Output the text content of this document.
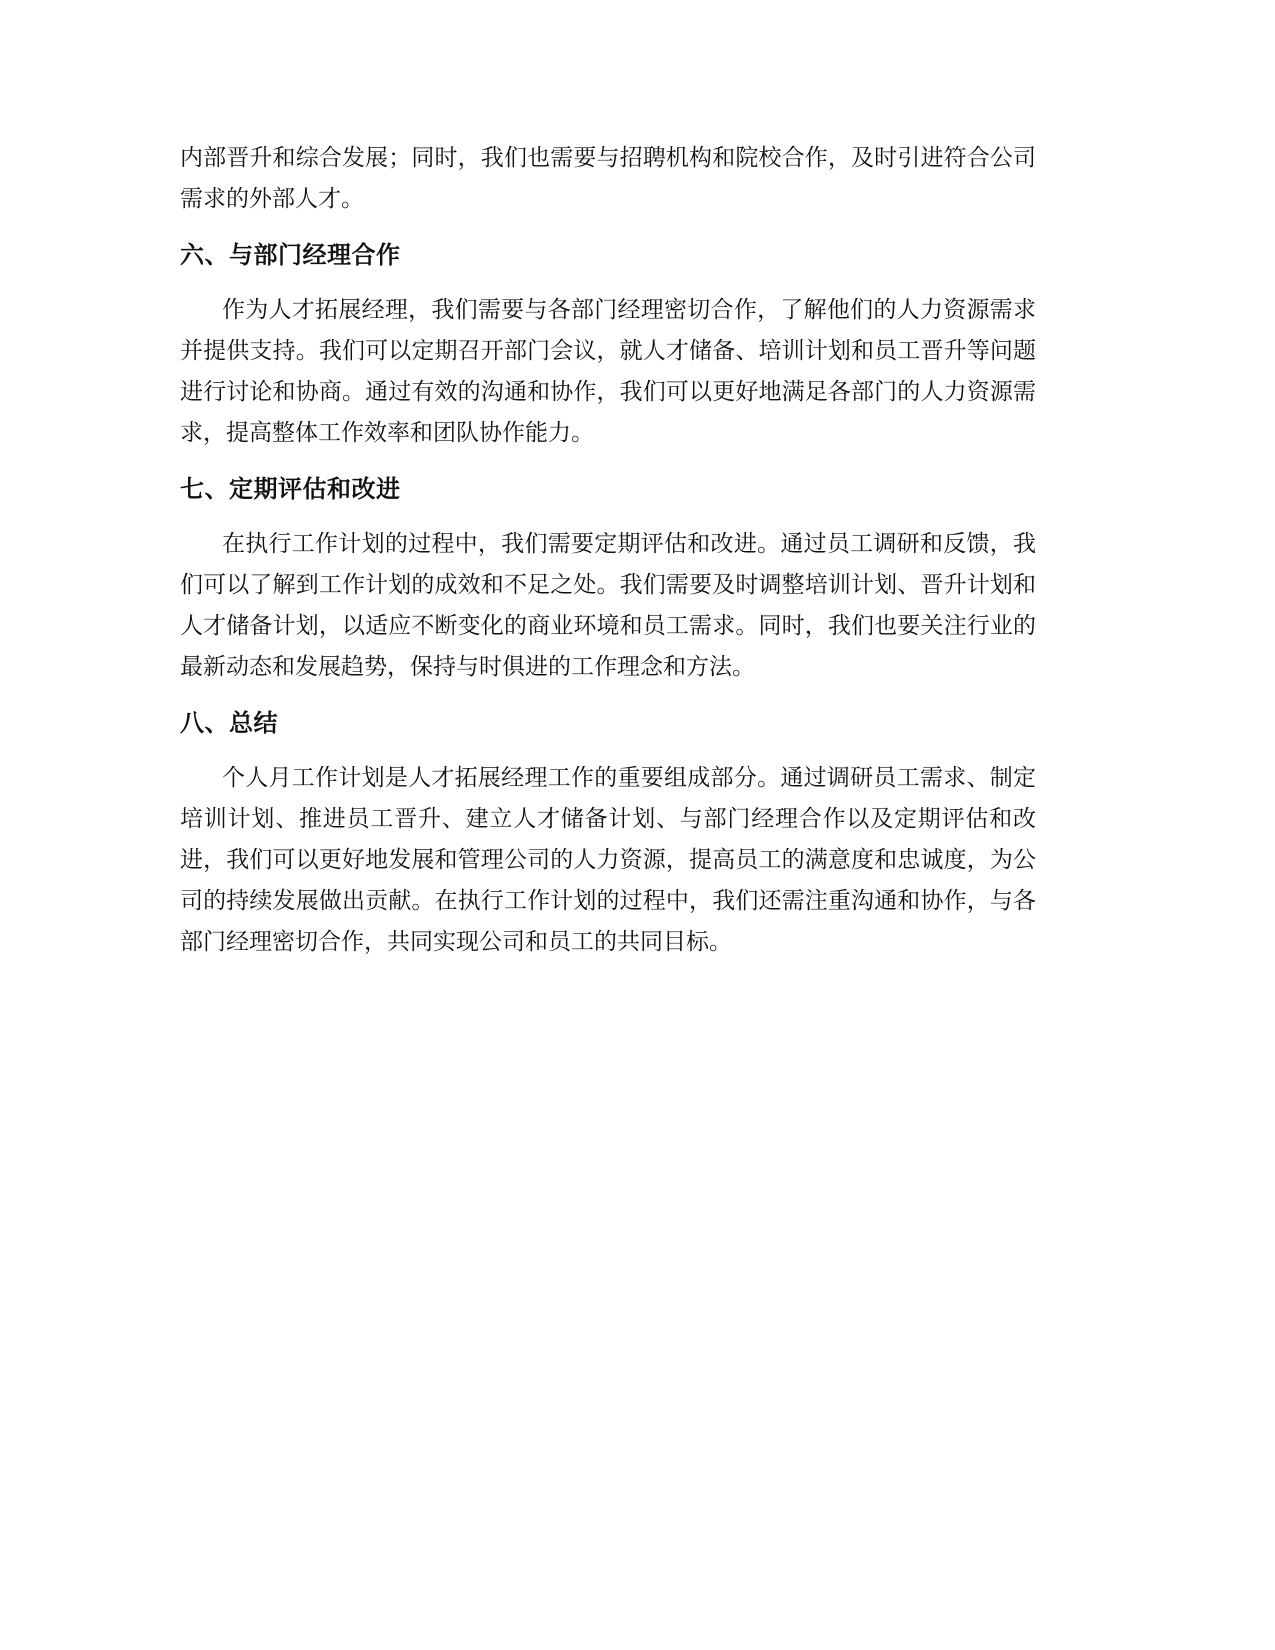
内部晋升和综合发展；同时，我们也需要与招聘机构和院校合作，及时引进符合公司需求的外部人才。

六、与部门经理合作

作为人才拓展经理，我们需要与各部门经理密切合作，了解他们的人力资源需求并提供支持。我们可以定期召开部门会议，就人才储备、培训计划和员工晋升等问题进行讨论和协商。通过有效的沟通和协作，我们可以更好地满足各部门的人力资源需求，提高整体工作效率和团队协作能力。

七、定期评估和改进

在执行工作计划的过程中，我们需要定期评估和改进。通过员工调研和反馈，我们可以了解到工作计划的成效和不足之处。我们需要及时调整培训计划、晋升计划和人才储备计划，以适应不断变化的商业环境和员工需求。同时，我们也要关注行业的最新动态和发展趋势，保持与时俱进的工作理念和方法。

八、总结

个人月工作计划是人才拓展经理工作的重要组成部分。通过调研员工需求、制定培训计划、推进员工晋升、建立人才储备计划、与部门经理合作以及定期评估和改进，我们可以更好地发展和管理公司的人力资源，提高员工的满意度和忠诚度，为公司的持续发展做出贡献。在执行工作计划的过程中，我们还需注重沟通和协作，与各部门经理密切合作，共同实现公司和员工的共同目标。
